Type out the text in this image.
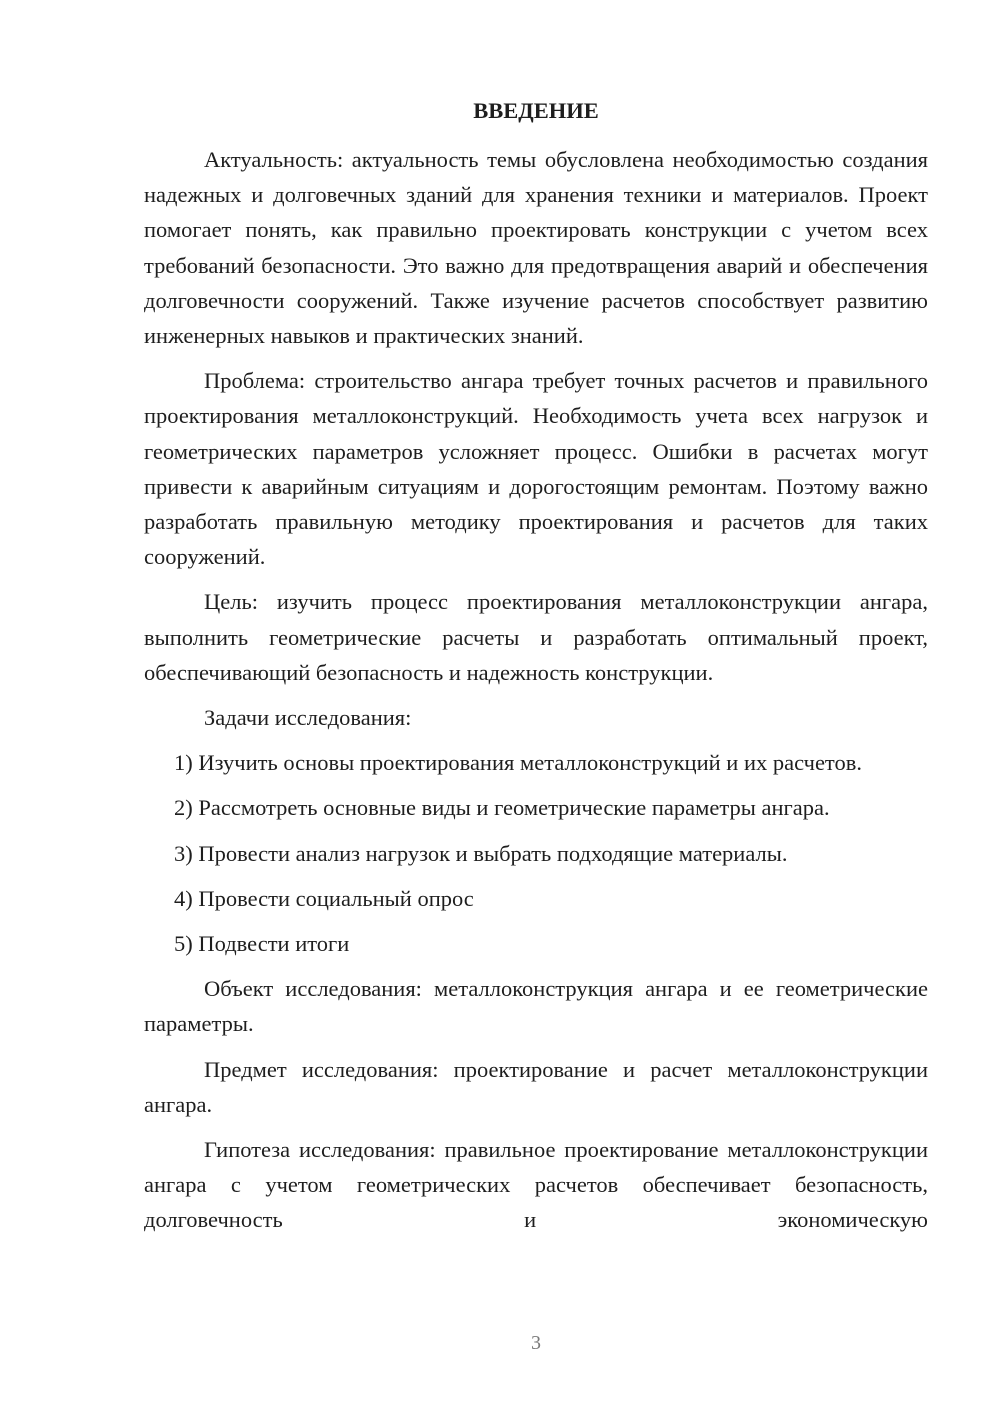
ВВЕДЕНИЕ

Актуальность: актуальность темы обусловлена необходимостью создания надежных и долговечных зданий для хранения техники и материалов. Проект помогает понять, как правильно проектировать конструкции с учетом всех требований безопасности. Это важно для предотвращения аварий и обеспечения долговечности сооружений. Также изучение расчетов способствует развитию инженерных навыков и практических знаний.

Проблема: строительство ангара требует точных расчетов и правильного проектирования металлоконструкций. Необходимость учета всех нагрузок и геометрических параметров усложняет процесс. Ошибки в расчетах могут привести к аварийным ситуациям и дорогостоящим ремонтам. Поэтому важно разработать правильную методику проектирования и расчетов для таких сооружений.

Цель: изучить процесс проектирования металлоконструкции ангара, выполнить геометрические расчеты и разработать оптимальный проект, обеспечивающий безопасность и надежность конструкции.

Задачи исследования:

1) Изучить основы проектирования металлоконструкций и их расчетов.

2) Рассмотреть основные виды и геометрические параметры ангара.

3) Провести анализ нагрузок и выбрать подходящие материалы.

4) Провести социальный опрос

5) Подвести итоги

Объект исследования: металлоконструкция ангара и ее геометрические параметры.

Предмет исследования: проектирование и расчет металлоконструкции ангара.

Гипотеза исследования: правильное проектирование металлоконструкции ангара с учетом геометрических расчетов обеспечивает безопасность, долговечность и экономическую

3
